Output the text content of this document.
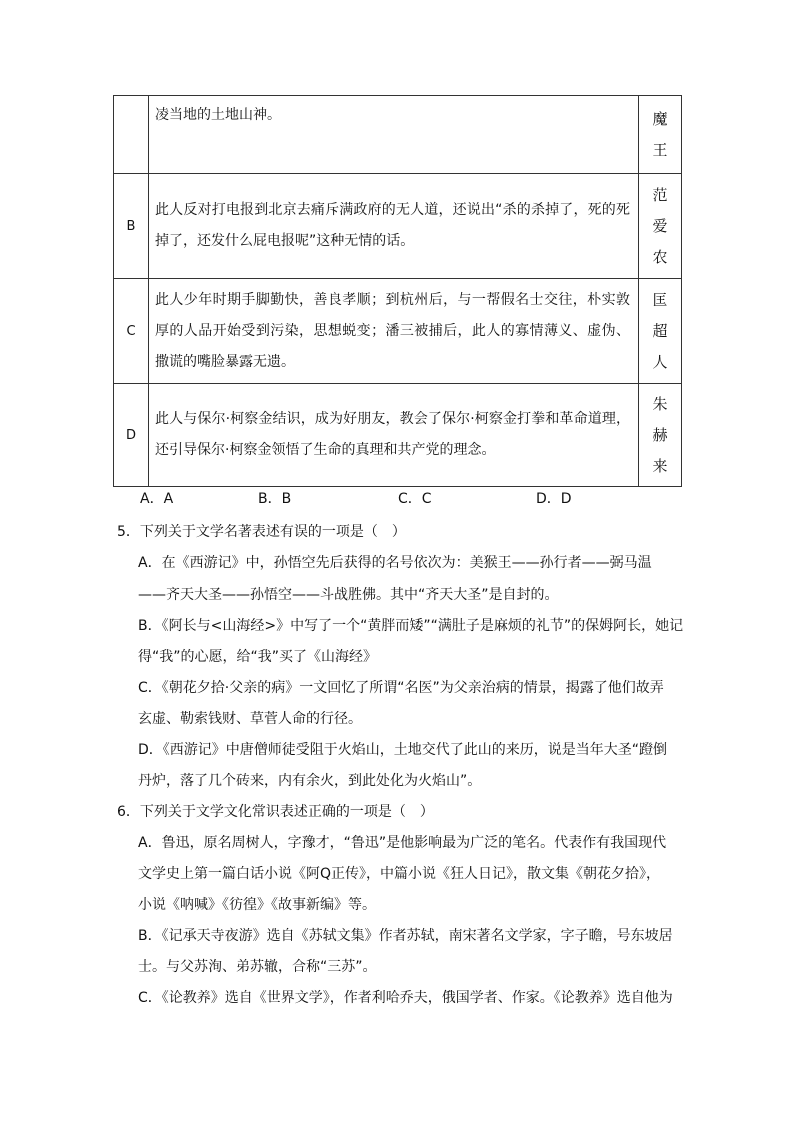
	凌当地的土地山神。	魔
王

B	此人反对打电报到北京去痛斥满政府的无人道，还说出“杀的杀掉了，死的死掉了，还发什么屁电报呢”这种无情的话。	范
爱
农

C	此人少年时期手脚勤快，善良孝顺；到杭州后，与一帮假名士交往，朴实敦厚的人品开始受到污染，思想蜕变；潘三被捕后，此人的寡情薄义、虚伪、撒谎的嘴脸暴露无遗。	匡
超
人

D	此人与保尔·柯察金结识，成为好朋友，教会了保尔·柯察金打拳和革命道理，还引导保尔·柯察金领悟了生命的真理和共产党的理念。	朱
赫
来
A．A	B．B	C．C	D．D
5．下列关于文学名著表述有误的一项是（　）
A．在《西游记》中，孙悟空先后获得的名号依次为：美猴王——孙行者——弼马温
——齐天大圣——孙悟空——斗战胜佛。其中“齐天大圣”是自封的。
B．《阿长与<山海经>》中写了一个“黄胖而矮”“满肚子是麻烦的礼节”的保姆阿长，她记
得“我”的心愿，给“我”买了《山海经》
C．《朝花夕拾·父亲的病》一文回忆了所谓“名医”为父亲治病的情景，揭露了他们故弄
玄虚、勒索钱财、草菅人命的行径。
D．《西游记》中唐僧师徒受阻于火焰山，土地交代了此山的来历，说是当年大圣“蹬倒
丹炉，落了几个砖来，内有余火，到此处化为火焰山”。
6．下列关于文学文化常识表述正确的一项是（　）
A．鲁迅，原名周树人，字豫才，“鲁迅”是他影响最为广泛的笔名。代表作有我国现代
文学史上第一篇白话小说《阿Q正传》，中篇小说《狂人日记》，散文集《朝花夕拾》，
小说《呐喊》《彷徨》《故事新编》等。
B．《记承天寺夜游》选自《苏轼文集》作者苏轼，南宋著名文学家，字子瞻，号东坡居
士。与父苏洵、弟苏辙，合称“三苏”。
C．《论教养》选自《世界文学》，作者利哈乔夫，俄国学者、作家。《论教养》选自他为
